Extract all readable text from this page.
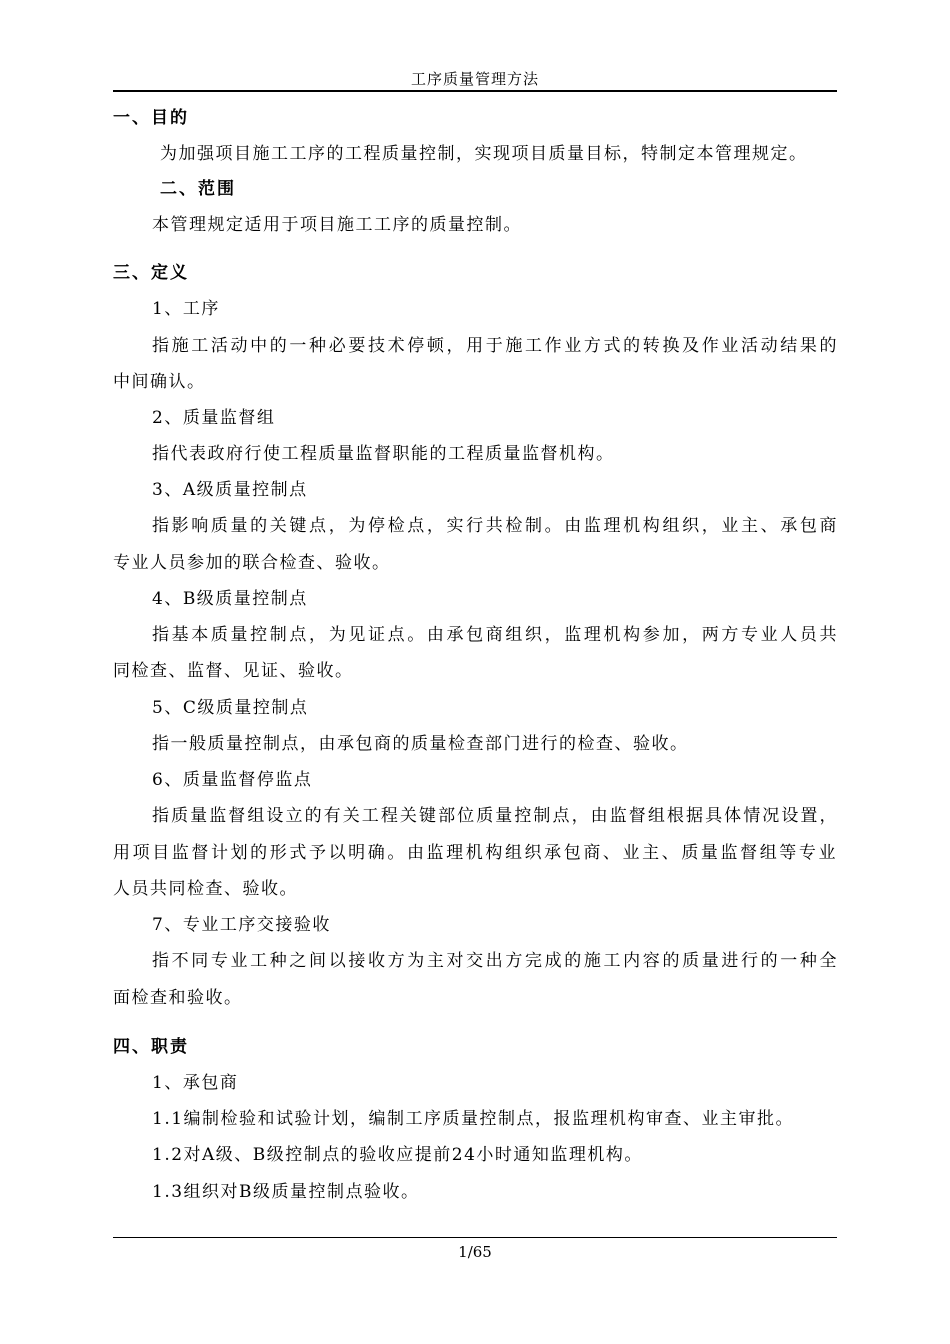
工序质量管理方法
一、目的
为加强项目施工工序的工程质量控制，实现项目质量目标，特制定本管理规定。
二、范围
本管理规定适用于项目施工工序的质量控制。
三、定义
1、工序
指施工活动中的一种必要技术停顿，用于施工作业方式的转换及作业活动结果的
中间确认。
2、质量监督组
指代表政府行使工程质量监督职能的工程质量监督机构。
3、A级质量控制点
指影响质量的关键点，为停检点，实行共检制。由监理机构组织，业主、承包商
专业人员参加的联合检查、验收。
4、B级质量控制点
指基本质量控制点，为见证点。由承包商组织，监理机构参加，两方专业人员共
同检查、监督、见证、验收。
5、C级质量控制点
指一般质量控制点，由承包商的质量检查部门进行的检查、验收。
6、质量监督停监点
指质量监督组设立的有关工程关键部位质量控制点，由监督组根据具体情况设置，
用项目监督计划的形式予以明确。由监理机构组织承包商、业主、质量监督组等专业
人员共同检查、验收。
7、专业工序交接验收
指不同专业工种之间以接收方为主对交出方完成的施工内容的质量进行的一种全
面检查和验收。
四、职责
1、承包商
1.1编制检验和试验计划，编制工序质量控制点，报监理机构审查、业主审批。
1.2对A级、B级控制点的验收应提前24小时通知监理机构。
1.3组织对B级质量控制点验收。
1/65
